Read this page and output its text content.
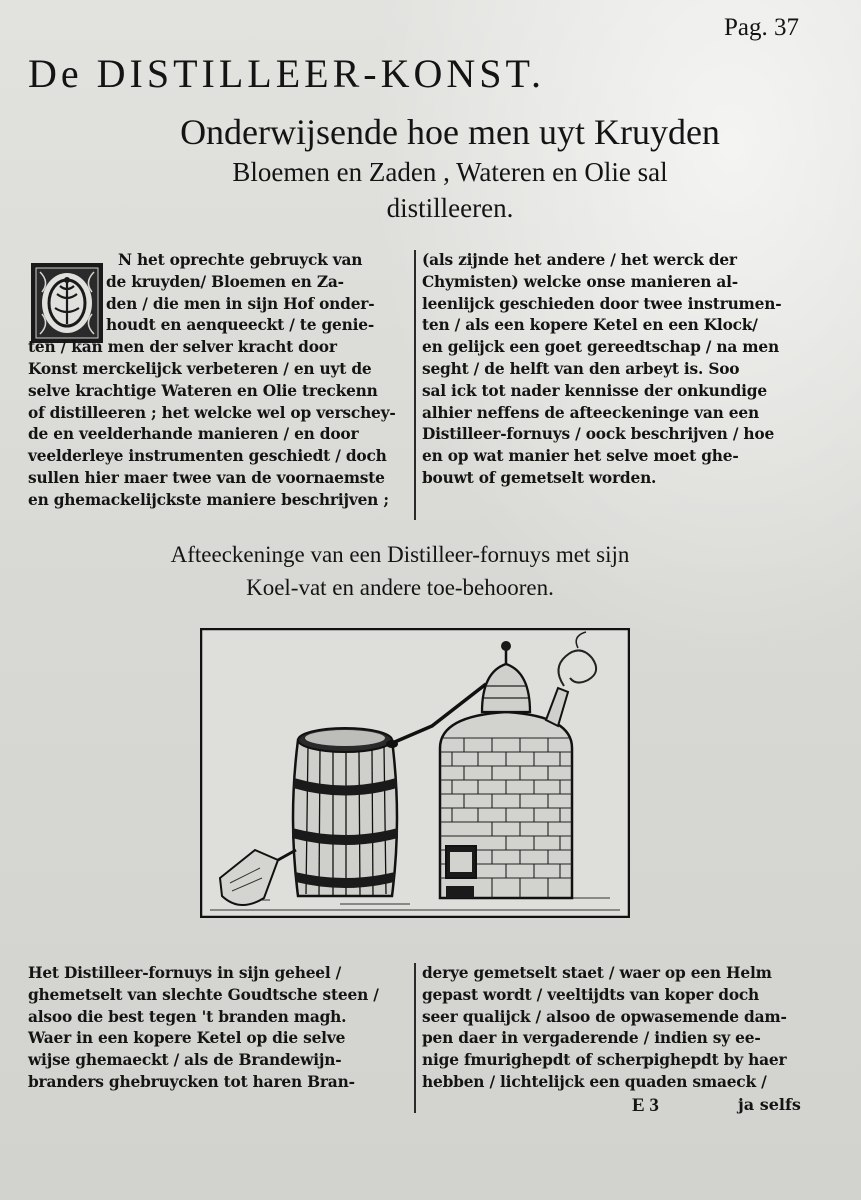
Pag. 37
De DISTILLEER-KONST.
Onderwijsende hoe men uyt Kruyden
Bloemen en Zaden , Wateren en Olie sal
distilleeren.
N het oprechte gebruyck van
de kruyden/ Bloemen en Za-
den / die men in sijn Hof onder-
houdt en aenqueeckt / te genie-
ten / kan men der selver kracht door
Konst merckelijck verbeteren / en uyt de
selve krachtige Wateren en Olie treckenn
of distilleeren ; het welcke wel op verschey-
de en veelderhande manieren / en door
veelderleye instrumenten geschiedt / doch
sullen hier maer twee van de voornaemste
en ghemackelijckste maniere beschrijven ;
(als zijnde het andere / het werck der
Chymisten) welcke onse manieren al-
leenlijck geschieden door twee instrumen-
ten / als een kopere Ketel en een Klock/
en gelijck een goet gereedtschap / na men
seght / de helft van den arbeyt is. Soo
sal ick tot nader kennisse der onkundige
alhier neffens de afteeckeninge van een
Distilleer-fornuys / oock beschrijven / hoe
en op wat manier het selve moet ghe-
bouwt of gemetselt worden.
Afteeckeninge van een Distilleer-fornuys met sijn
Koel-vat en andere toe-behooren.
Het Distilleer-fornuys in sijn geheel /
ghemetselt van slechte Goudtsche steen /
alsoo die best tegen 't branden magh.
Waer in een kopere Ketel op die selve
wijse ghemaeckt / als de Brandewijn-
branders ghebruycken tot haren Bran-
derye gemetselt staet / waer op een Helm
gepast wordt / veeltijdts van koper doch
seer qualijck / alsoo de opwasemende dam-
pen daer in vergaderende / indien sy ee-
nige fmurighepdt of scherpighepdt by haer
hebben / lichtelijck een quaden smaeck /
E 3	ja selfs
